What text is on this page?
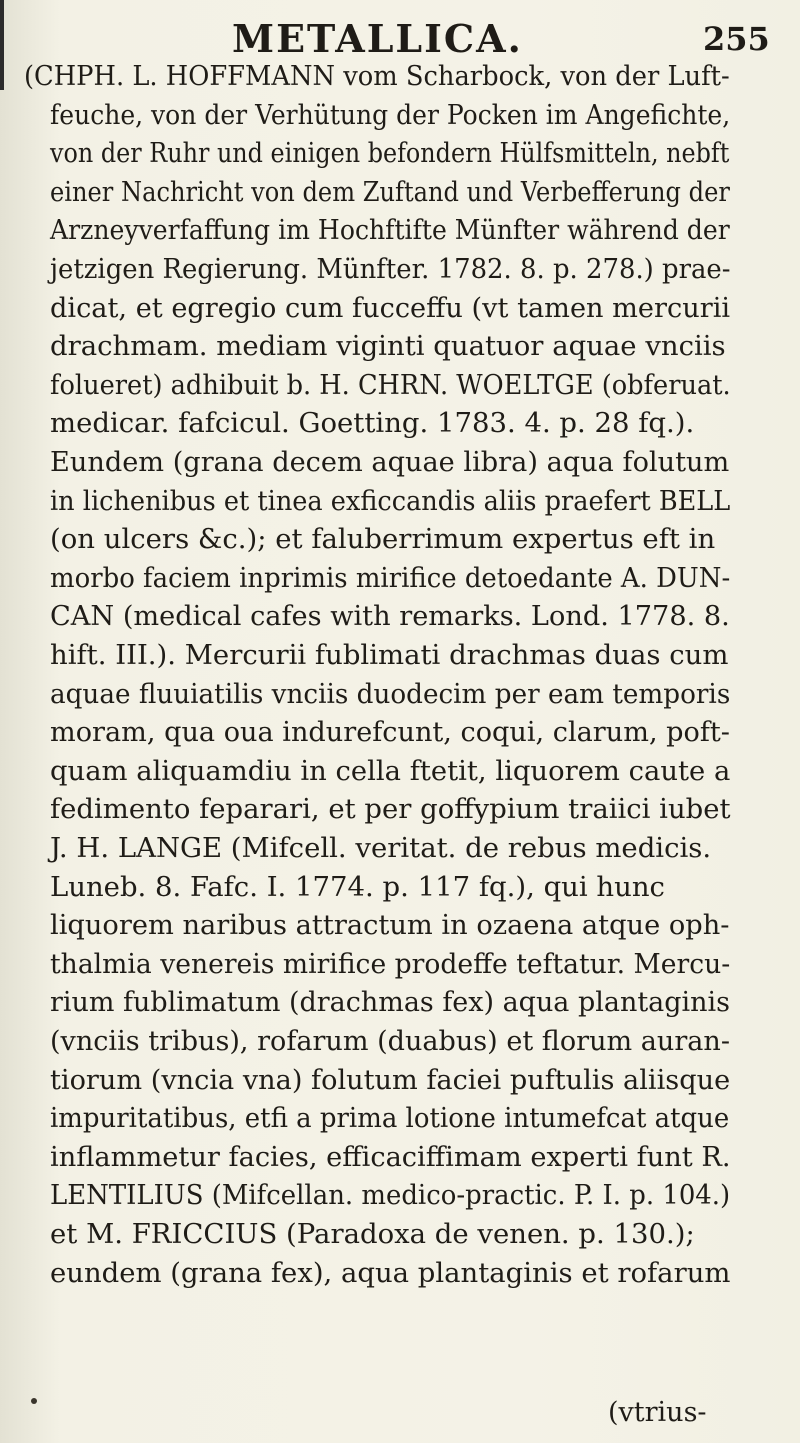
METALLICA.	255
(CHPH. L. HOFFMANN vom Scharbock, von der Luft-
feuche, von der Verhütung der Pocken im Angefichte,
von der Ruhr und einigen befondern Hülfsmitteln, nebft
einer Nachricht von dem Zuftand und Verbefferung der
Arzneyverfaffung im Hochftifte Münfter während der
jetzigen Regierung. Münfter. 1782. 8. p. 278.) prae-
dicat, et egregio cum fucceffu (vt tamen mercurii
drachmam. mediam viginti quatuor aquae vnciis
folueret) adhibuit b. H. CHRN. WOELTGE (obferuat.
medicar. fafcicul. Goetting. 1783. 4. p. 28 fq.).
Eundem (grana decem aquae libra) aqua folutum
in lichenibus et tinea exficcandis aliis praefert BELL
(on ulcers &c.); et faluberrimum expertus eft in
morbo faciem inprimis mirifice detoedante A. DUN-
CAN (medical cafes with remarks. Lond. 1778. 8.
hift. III.). Mercurii fublimati drachmas duas cum
aquae fluuiatilis vnciis duodecim per eam temporis
moram, qua oua indurefcunt, coqui, clarum, poft-
quam aliquamdiu in cella ftetit, liquorem caute a
fedimento feparari, et per goffypium traiici iubet
J. H. LANGE (Mifcell. veritat. de rebus medicis.
Luneb. 8. Fafc. I. 1774. p. 117 fq.), qui hunc
liquorem naribus attractum in ozaena atque oph-
thalmia venereis mirifice prodeffe teftatur. Mercu-
rium fublimatum (drachmas fex) aqua plantaginis
(vnciis tribus), rofarum (duabus) et florum auran-
tiorum (vncia vna) folutum faciei puftulis aliisque
impuritatibus, etfi a prima lotione intumefcat atque
inflammetur facies, efficaciffimam experti funt R.
LENTILIUS (Mifcellan. medico-practic. P. I. p. 104.)
et M. FRICCIUS (Paradoxa de venen. p. 130.);
eundem (grana fex), aqua plantaginis et rofarum
(vtrius-
